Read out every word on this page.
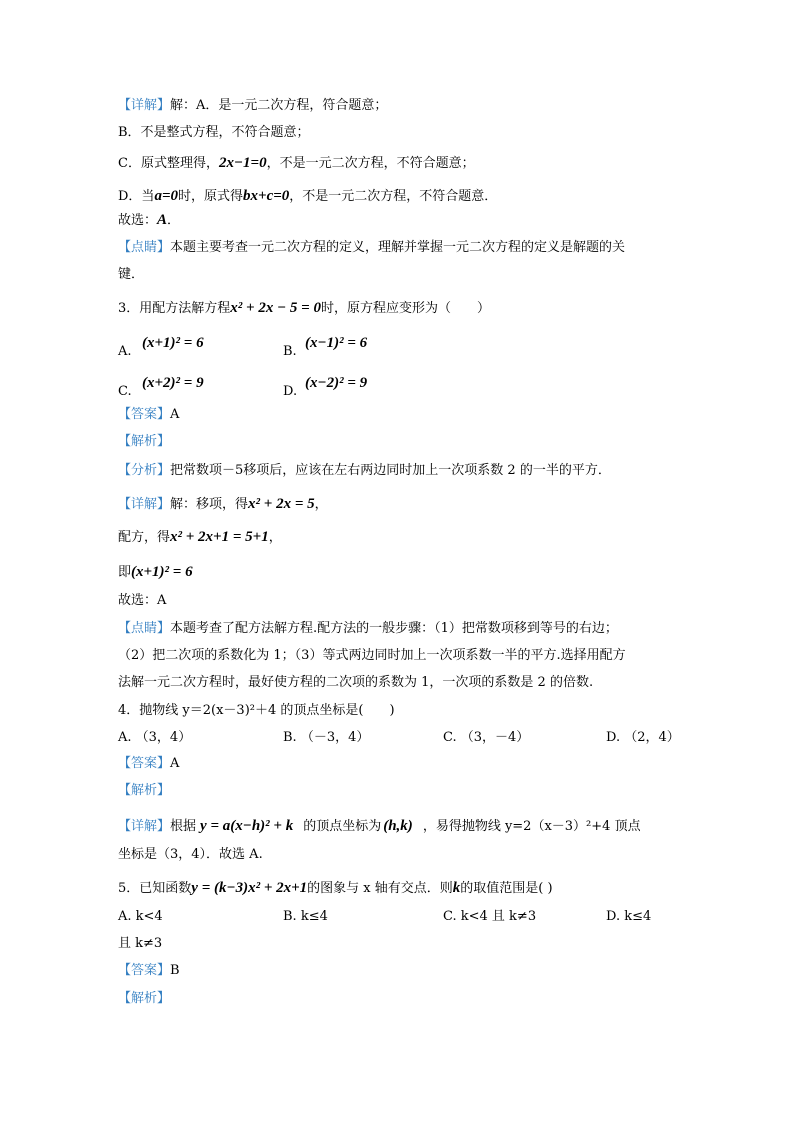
【详解】解：A．是一元二次方程，符合题意；
B．不是整式方程，不符合题意；
C．原式整理得，2x−1=0，不是一元二次方程，不符合题意；
D．当a=0时，原式得bx+c=0，不是一元二次方程，不符合题意．
故选：A．
【点睛】本题主要考查一元二次方程的定义，理解并掌握一元二次方程的定义是解题的关
键．
3．用配方法解方程x² + 2x − 5 = 0时，原方程应变形为（　　）
A.(x+1)² = 6
B.(x−1)² = 6
C.(x+2)² = 9
D.(x−2)² = 9
【答案】A
【解析】
【分析】把常数项－5移项后，应该在左右两边同时加上一次项系数 2 的一半的平方．
【详解】解：移项，得x² + 2x = 5，
配方，得x² + 2x+1 = 5+1，
即(x+1)² = 6
故选：A
【点睛】本题考查了配方法解方程.配方法的一般步骤：（1）把常数项移到等号的右边；
（2）把二次项的系数化为 1；（3）等式两边同时加上一次项系数一半的平方.选择用配方
法解一元二次方程时，最好使方程的二次项的系数为 1，一次项的系数是 2 的倍数.
4．抛物线 y＝2(x－3)²＋4 的顶点坐标是(　　)
A. （3，4）	B. （－3，4）	C. （3，－4）	D. （2，4）
【答案】A
【解析】
【详解】根据 y = a(x−h)² + k 的顶点坐标为 (h,k) ，易得抛物线 y=2（x－3）²+4 顶点
坐标是（3，4）．故选 A.
5．已知函数y = (k−3)x² + 2x+1的图象与 x 轴有交点．则k的取值范围是( )
A. k<4	B. k≤4	C. k<4 且 k≠3	D. k≤4
且 k≠3
【答案】B
【解析】
